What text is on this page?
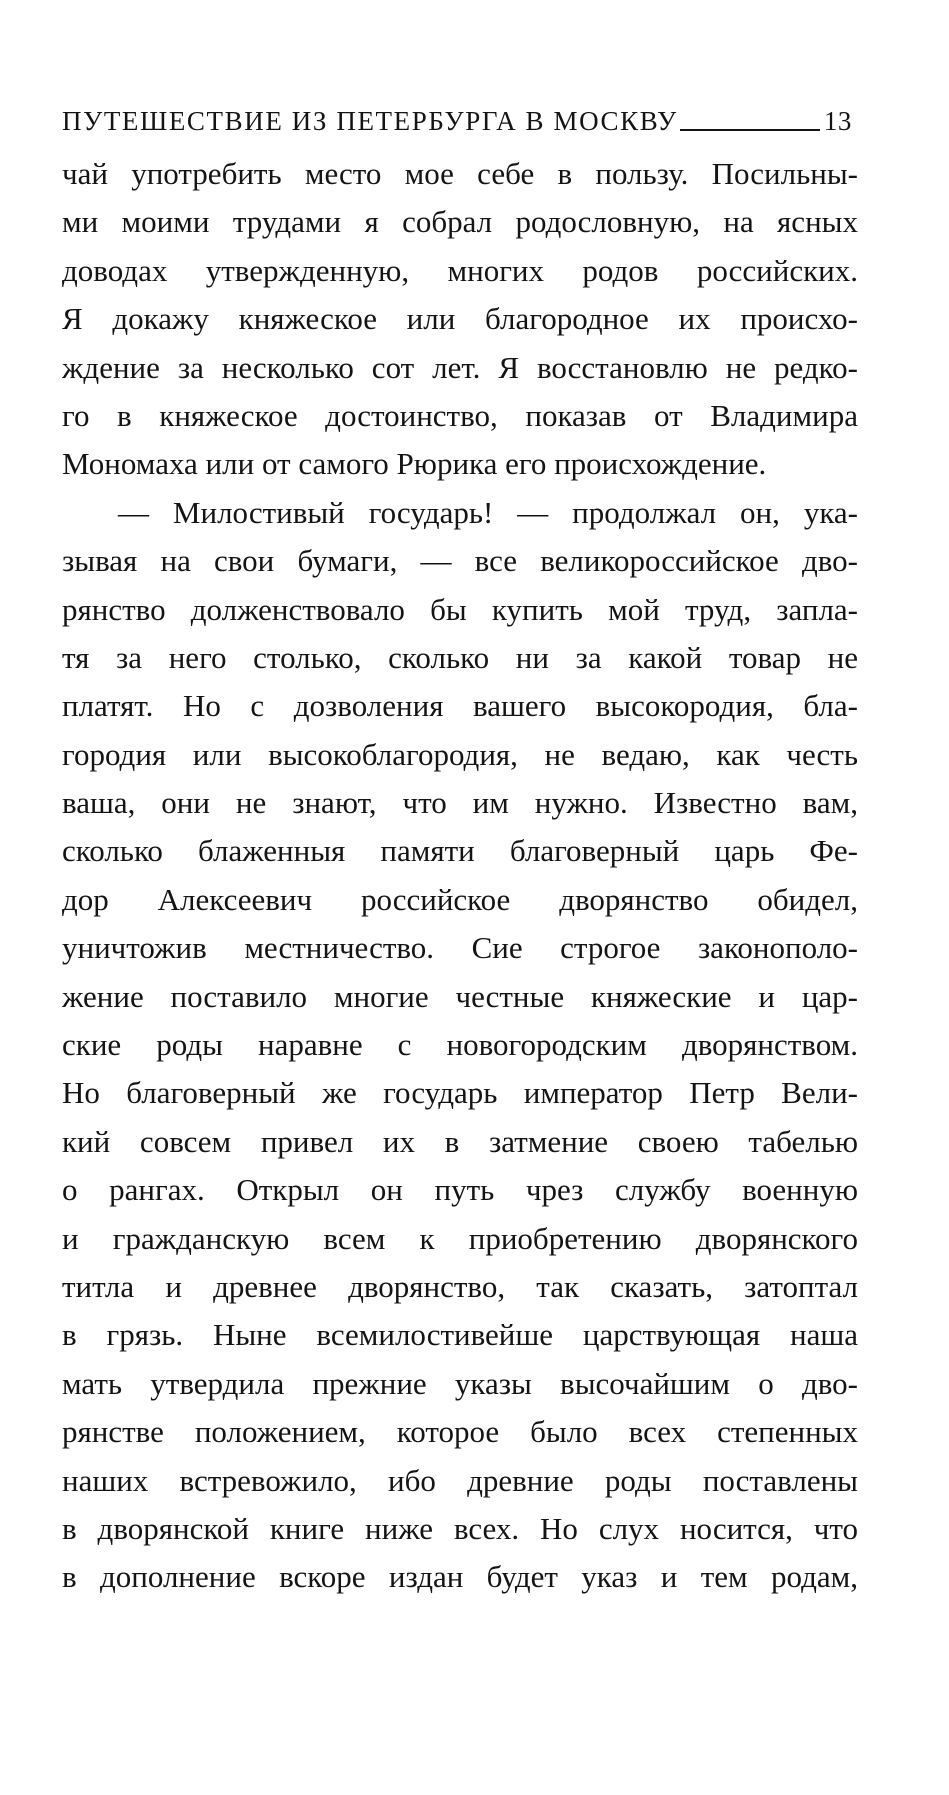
ПУТЕШЕСТВИЕ ИЗ ПЕТЕРБУРГА В МОСКВУ	13
чай употребить место мое себе в пользу. Посильны-
ми моими трудами я собрал родословную, на ясных
доводах утвержденную, многих родов российских.
Я докажу княжеское или благородное их происхо-
ждение за несколько сот лет. Я восстановлю не редко-
го в княжеское достоинство, показав от Владимира
Мономаха или от самого Рюрика его происхождение.
— Милостивый государь! — продолжал он, ука-
зывая на свои бумаги, — все великороссийское дво-
рянство долженствовало бы купить мой труд, запла-
тя за него столько, сколько ни за какой товар не
платят. Но с дозволения вашего высокородия, бла-
городия или высокоблагородия, не ведаю, как честь
ваша, они не знают, что им нужно. Известно вам,
сколько блаженныя памяти благоверный царь Фе-
дор Алексеевич российское дворянство обидел,
уничтожив местничество. Сие строгое законополо-
жение поставило многие честные княжеские и цар-
ские роды наравне с новогородским дворянством.
Но благоверный же государь император Петр Вели-
кий совсем привел их в затмение своею табелью
о рангах. Открыл он путь чрез службу военную
и гражданскую всем к приобретению дворянского
титла и древнее дворянство, так сказать, затоптал
в грязь. Ныне всемилостивейше царствующая наша
мать утвердила прежние указы высочайшим о дво-
рянстве положением, которое было всех степенных
наших встревожило, ибо древние роды поставлены
в дворянской книге ниже всех. Но слух носится, что
в дополнение вскоре издан будет указ и тем родам,
